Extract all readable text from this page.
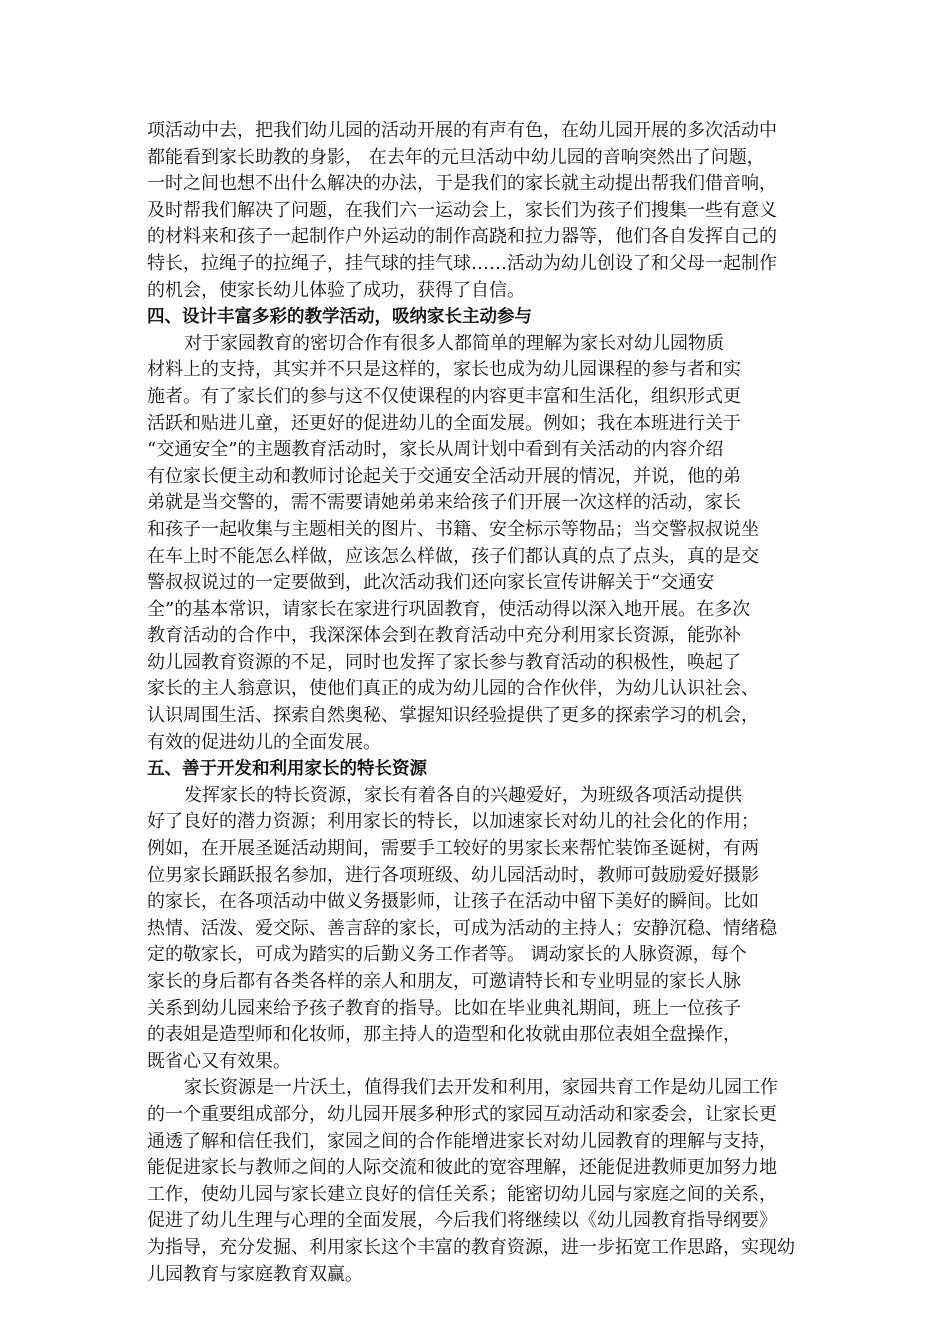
项活动中去，把我们幼儿园的活动开展的有声有色，在幼儿园开展的多次活动中
都能看到家长助教的身影， 在去年的元旦活动中幼儿园的音响突然出了问题，
一时之间也想不出什么解决的办法，于是我们的家长就主动提出帮我们借音响，
及时帮我们解决了问题，在我们六一运动会上，家长们为孩子们搜集一些有意义
的材料来和孩子一起制作户外运动的制作高跷和拉力器等，他们各自发挥自己的
特长，拉绳子的拉绳子，挂气球的挂气球……活动为幼儿创设了和父母一起制作
的机会，使家长幼儿体验了成功，获得了自信。
四、设计丰富多彩的教学活动，吸纳家长主动参与
对于家园教育的密切合作有很多人都简单的理解为家长对幼儿园物质
材料上的支持，其实并不只是这样的，家长也成为幼儿园课程的参与者和实
施者。有了家长们的参与这不仅使课程的内容更丰富和生活化，组织形式更
活跃和贴进儿童，还更好的促进幼儿的全面发展。例如；我在本班进行关于
“交通安全”的主题教育活动时，家长从周计划中看到有关活动的内容介绍
有位家长便主动和教师讨论起关于交通安全活动开展的情况，并说，他的弟
弟就是当交警的，需不需要请她弟弟来给孩子们开展一次这样的活动，家长
和孩子一起收集与主题相关的图片、书籍、安全标示等物品；当交警叔叔说坐
在车上时不能怎么样做，应该怎么样做，孩子们都认真的点了点头，真的是交
警叔叔说过的一定要做到，此次活动我们还向家长宣传讲解关于“交通安
全”的基本常识，请家长在家进行巩固教育，使活动得以深入地开展。在多次
教育活动的合作中，我深深体会到在教育活动中充分利用家长资源，能弥补
幼儿园教育资源的不足，同时也发挥了家长参与教育活动的积极性，唤起了
家长的主人翁意识，使他们真正的成为幼儿园的合作伙伴，为幼儿认识社会、
认识周围生活、探索自然奥秘、掌握知识经验提供了更多的探索学习的机会，
有效的促进幼儿的全面发展。
五、善于开发和利用家长的特长资源
发挥家长的特长资源，家长有着各自的兴趣爱好，为班级各项活动提供
好了良好的潜力资源；利用家长的特长，以加速家长对幼儿的社会化的作用；
例如，在开展圣诞活动期间，需要手工较好的男家长来帮忙装饰圣诞树，有两
位男家长踊跃报名参加，进行各项班级、幼儿园活动时，教师可鼓励爱好摄影
的家长，在各项活动中做义务摄影师，让孩子在活动中留下美好的瞬间。比如
热情、活泼、爱交际、善言辞的家长，可成为活动的主持人；安静沉稳、情绪稳
定的敬家长，可成为踏实的后勤义务工作者等。 调动家长的人脉资源，每个
家长的身后都有各类各样的亲人和朋友，可邀请特长和专业明显的家长人脉
关系到幼儿园来给予孩子教育的指导。比如在毕业典礼期间，班上一位孩子
的表姐是造型师和化妆师，那主持人的造型和化妆就由那位表姐全盘操作，
既省心又有效果。
家长资源是一片沃土，值得我们去开发和利用，家园共育工作是幼儿园工作
的一个重要组成部分，幼儿园开展多种形式的家园互动活动和家委会，让家长更
通透了解和信任我们，家园之间的合作能增进家长对幼儿园教育的理解与支持，
能促进家长与教师之间的人际交流和彼此的宽容理解，还能促进教师更加努力地
工作，使幼儿园与家长建立良好的信任关系；能密切幼儿园与家庭之间的关系，
促进了幼儿生理与心理的全面发展，今后我们将继续以《幼儿园教育指导纲要》
为指导，充分发掘、利用家长这个丰富的教育资源，进一步拓宽工作思路，实现幼
儿园教育与家庭教育双赢。
